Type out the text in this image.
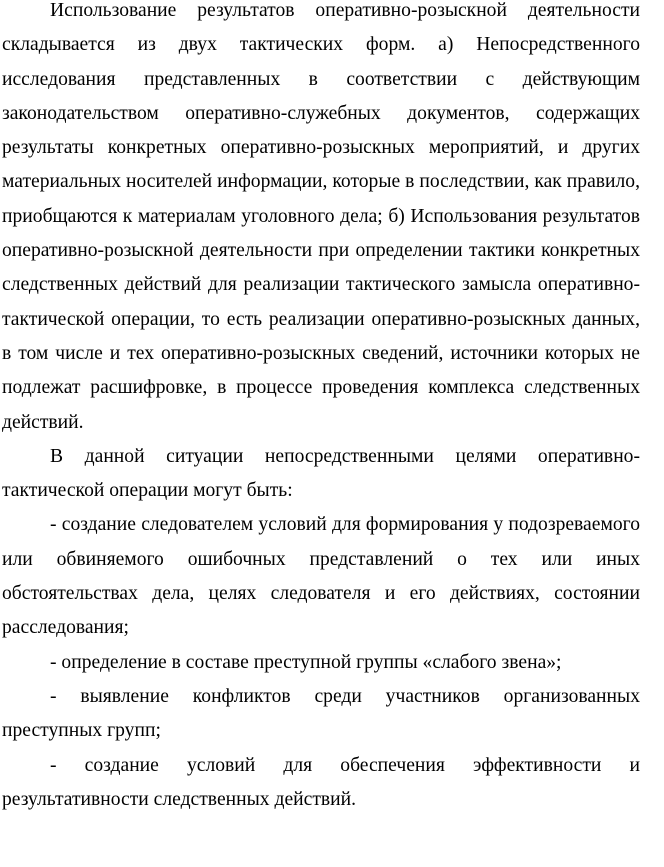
Использование результатов оперативно-розыскной деятельности складывается из двух тактических форм. а) Непосредственного исследования представленных в соответствии с действующим законодательством оперативно-служебных документов, содержащих результаты конкретных оперативно-розыскных мероприятий, и других материальных носителей информации, которые в последствии, как правило, приобщаются к материалам уголовного дела; б) Использования результатов оперативно-розыскной деятельности при определении тактики конкретных следственных действий для реализации тактического замысла оперативно-тактической операции, то есть реализации оперативно-розыскных данных, в том числе и тех оперативно-розыскных сведений, источники которых не подлежат расшифровке, в процессе проведения комплекса следственных действий.

В данной ситуации непосредственными целями оперативно-тактической операции могут быть:

- создание следователем условий для формирования у подозреваемого или обвиняемого ошибочных представлений о тех или иных обстоятельствах дела, целях следователя и его действиях, состоянии расследования;

- определение в составе преступной группы «слабого звена»;

- выявление конфликтов среди участников организованных преступных групп;

- создание условий для обеспечения эффективности и результативности следственных действий.
